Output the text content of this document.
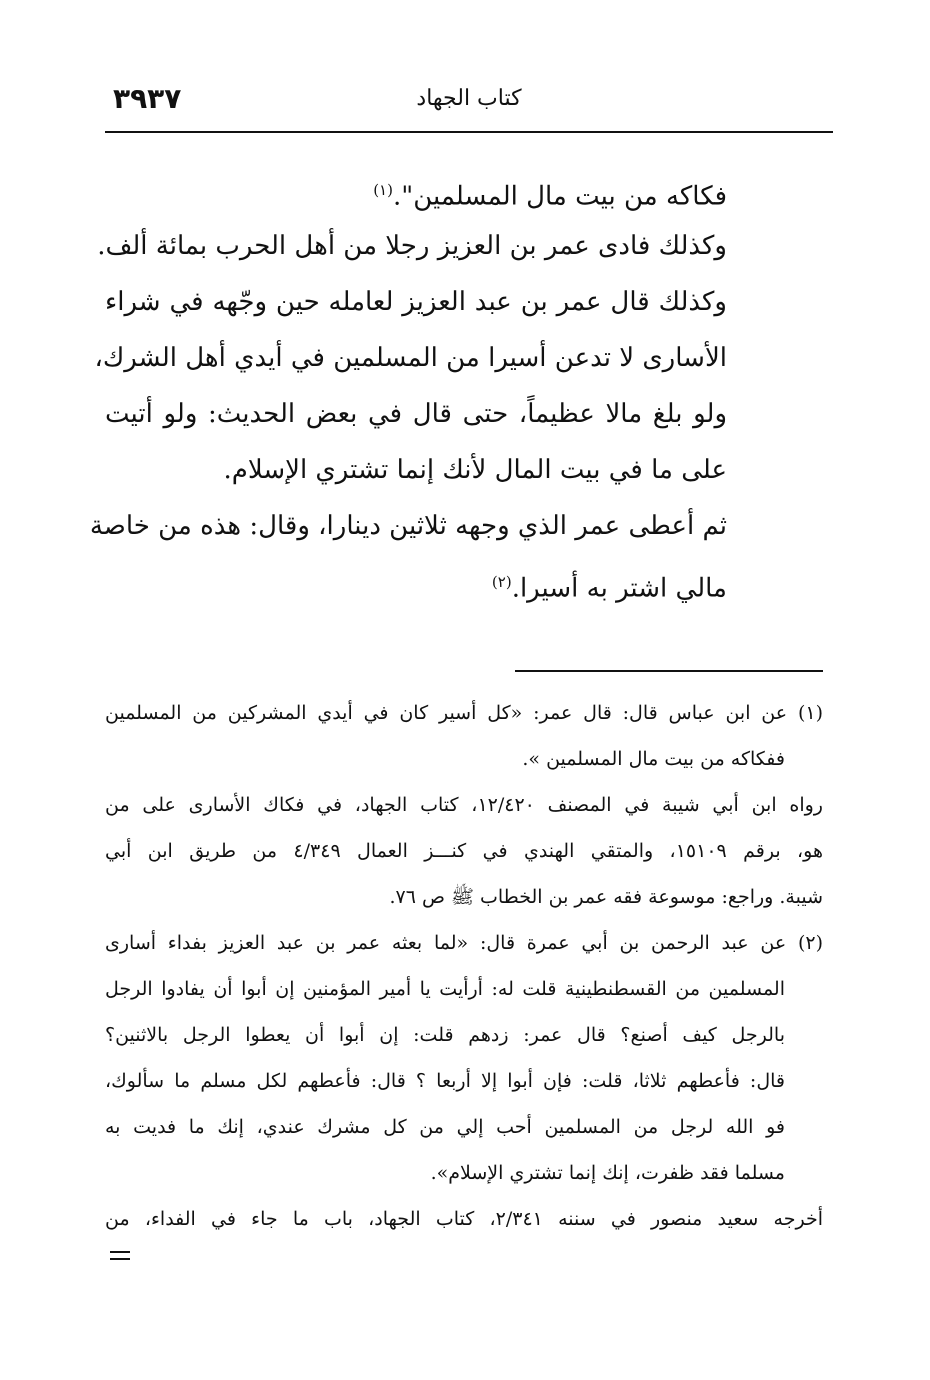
٣٩٣٧	كتاب الجهاد
فكاكه من بيت مال المسلمين".$^{(١)}$
وكذلك فادى عمر بن العزيز رجلا من أهل الحرب بمائة ألف.
وكذلك قال عمر بن عبد العزيز لعامله حين وجّهه في شراء
الأسارى لا تدعن أسيرا من المسلمين في أيدي أهل الشرك،
ولو بلغ مالا عظيماً، حتى قال في بعض الحديث: ولو أتيت
على ما في بيت المال لأنك إنما تشتري الإسلام.
ثم أعطى عمر الذي وجهه ثلاثين دينارا، وقال: هذه من خاصة
مالي اشتر به أسيرا.$^{(٢)}$
(١) عن ابن عباس قال: قال عمر: «كل أسير كان في أيدي المشركين من المسلمين
ففكاكه من بيت مال المسلمين ».
رواه ابن أبي شيبة في المصنف ١٢/٤٢٠، كتاب الجهاد، في فكاك الأسارى على من
هو، برقم ١٥١٠٩، والمتقي الهندي في كنـــز العمال ٤/٣٤٩ من طريق ابن أبي
شيبة. وراجع: موسوعة فقه عمر بن الخطاب ﷺ ص ٧٦.
(٢) عن عبد الرحمن بن أبي عمرة قال: «لما بعثه عمر بن عبد العزيز بفداء أسارى
المسلمين من القسطنطينية قلت له: أرأيت يا أمير المؤمنين إن أبوا أن يفادوا الرجل
بالرجل كيف أصنع؟ قال عمر: زدهم قلت: إن أبوا أن يعطوا الرجل بالاثنين؟
قال: فأعطهم ثلاثا، قلت: فإن أبوا إلا أربعا ؟ قال: فأعطهم لكل مسلم ما سألوك،
فو الله لرجل من المسلمين أحب إلي من كل مشرك عندي، إنك ما فديت به
مسلما فقد ظفرت، إنك إنما تشتري الإسلام».
أخرجه سعيد منصور في سننه ٢/٣٤١، كتاب الجهاد، باب ما جاء في الفداء، من
